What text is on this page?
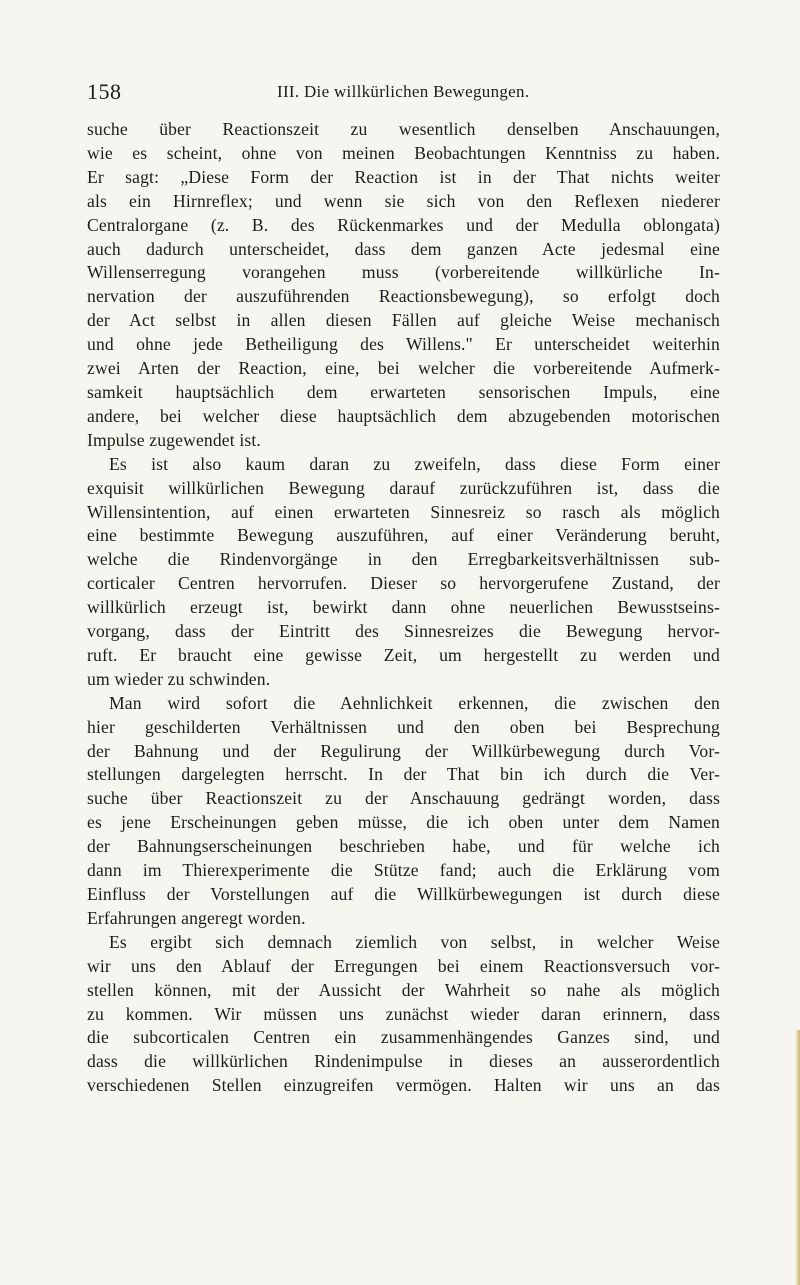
158	III. Die willkürlichen Bewegungen.

suche über Reactionszeit zu wesentlich denselben Anschauungen,
wie es scheint, ohne von meinen Beobachtungen Kenntniss zu haben.
Er sagt: „Diese Form der Reaction ist in der That nichts weiter
als ein Hirnreflex; und wenn sie sich von den Reflexen niederer
Centralorgane (z. B. des Rückenmarkes und der Medulla oblongata)
auch dadurch unterscheidet, dass dem ganzen Acte jedesmal eine
Willenserregung vorangehen muss (vorbereitende willkürliche In-
nervation der auszuführenden Reactionsbewegung), so erfolgt doch
der Act selbst in allen diesen Fällen auf gleiche Weise mechanisch
und ohne jede Betheiligung des Willens." Er unterscheidet weiterhin
zwei Arten der Reaction, eine, bei welcher die vorbereitende Aufmerk-
samkeit hauptsächlich dem erwarteten sensorischen Impuls, eine
andere, bei welcher diese hauptsächlich dem abzugebenden motorischen
Impulse zugewendet ist.

Es ist also kaum daran zu zweifeln, dass diese Form einer
exquisit willkürlichen Bewegung darauf zurückzuführen ist, dass die
Willensintention, auf einen erwarteten Sinnesreiz so rasch als möglich
eine bestimmte Bewegung auszuführen, auf einer Veränderung beruht,
welche die Rindenvorgänge in den Erregbarkeitsverhältnissen sub-
corticaler Centren hervorrufen. Dieser so hervorgerufene Zustand, der
willkürlich erzeugt ist, bewirkt dann ohne neuerlichen Bewusstseins-
vorgang, dass der Eintritt des Sinnesreizes die Bewegung hervor-
ruft. Er braucht eine gewisse Zeit, um hergestellt zu werden und
um wieder zu schwinden.

Man wird sofort die Aehnlichkeit erkennen, die zwischen den
hier geschilderten Verhältnissen und den oben bei Besprechung
der Bahnung und der Regulirung der Willkürbewegung durch Vor-
stellungen dargelegten herrscht. In der That bin ich durch die Ver-
suche über Reactionszeit zu der Anschauung gedrängt worden, dass
es jene Erscheinungen geben müsse, die ich oben unter dem Namen
der Bahnungserscheinungen beschrieben habe, und für welche ich
dann im Thierexperimente die Stütze fand; auch die Erklärung vom
Einfluss der Vorstellungen auf die Willkürbewegungen ist durch diese
Erfahrungen angeregt worden.

Es ergibt sich demnach ziemlich von selbst, in welcher Weise
wir uns den Ablauf der Erregungen bei einem Reactionsversuch vor-
stellen können, mit der Aussicht der Wahrheit so nahe als möglich
zu kommen. Wir müssen uns zunächst wieder daran erinnern, dass
die subcorticalen Centren ein zusammenhängendes Ganzes sind, und
dass die willkürlichen Rindenimpulse in dieses an ausserordentlich
verschiedenen Stellen einzugreifen vermögen. Halten wir uns an das
